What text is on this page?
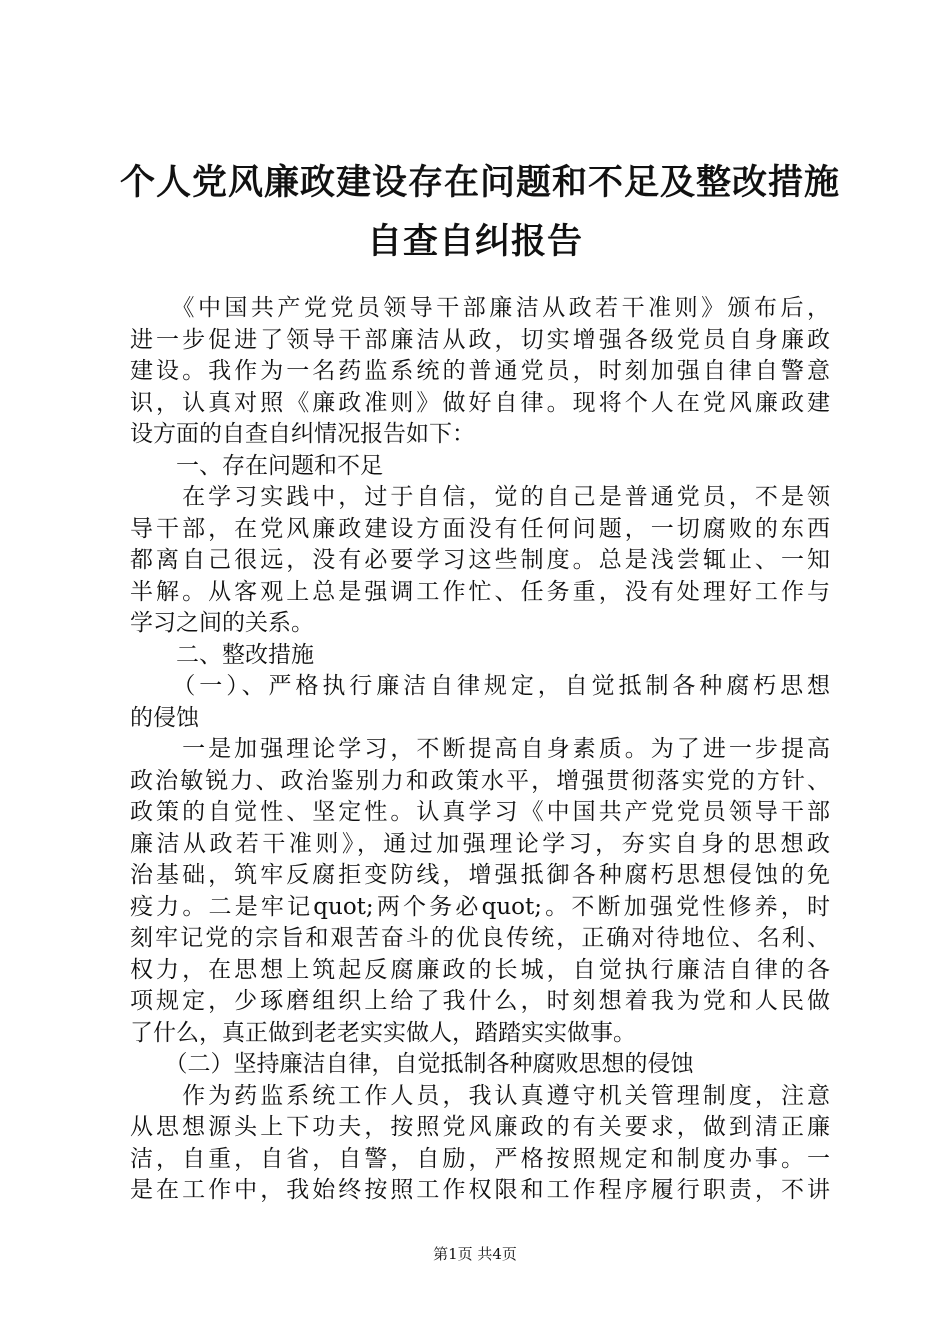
个人党风廉政建设存在问题和不足及整改措施
自查自纠报告
　　《中国共产党党员领导干部廉洁从政若干准则》颁布后，
进一步促进了领导干部廉洁从政，切实增强各级党员自身廉政
建设。我作为一名药监系统的普通党员，时刻加强自律自警意
识，认真对照《廉政准则》做好自律。现将个人在党风廉政建
设方面的自查自纠情况报告如下：
　　一、存在问题和不足
　　在学习实践中，过于自信，觉的自己是普通党员，不是领
导干部，在党风廉政建设方面没有任何问题，一切腐败的东西
都离自己很远，没有必要学习这些制度。总是浅尝辄止、一知
半解。从客观上总是强调工作忙、任务重，没有处理好工作与
学习之间的关系。
　　二、整改措施
　　（一）、严格执行廉洁自律规定，自觉抵制各种腐朽思想
的侵蚀
　　一是加强理论学习，不断提高自身素质。为了进一步提高
政治敏锐力、政治鉴别力和政策水平，增强贯彻落实党的方针、
政策的自觉性、坚定性。认真学习《中国共产党党员领导干部
廉洁从政若干准则》，通过加强理论学习，夯实自身的思想政
治基础，筑牢反腐拒变防线，增强抵御各种腐朽思想侵蚀的免
疫力。二是牢记quot;两个务必quot;。不断加强党性修养，时
刻牢记党的宗旨和艰苦奋斗的优良传统，正确对待地位、名利、
权力，在思想上筑起反腐廉政的长城，自觉执行廉洁自律的各
项规定，少琢磨组织上给了我什么，时刻想着我为党和人民做
了什么，真正做到老老实实做人，踏踏实实做事。
　　（二）坚持廉洁自律，自觉抵制各种腐败思想的侵蚀
　　作为药监系统工作人员，我认真遵守机关管理制度，注意
从思想源头上下功夫，按照党风廉政的有关要求，做到清正廉
洁，自重，自省，自警，自励，严格按照规定和制度办事。一
是在工作中，我始终按照工作权限和工作程序履行职责，不讲
第1页 共4页
